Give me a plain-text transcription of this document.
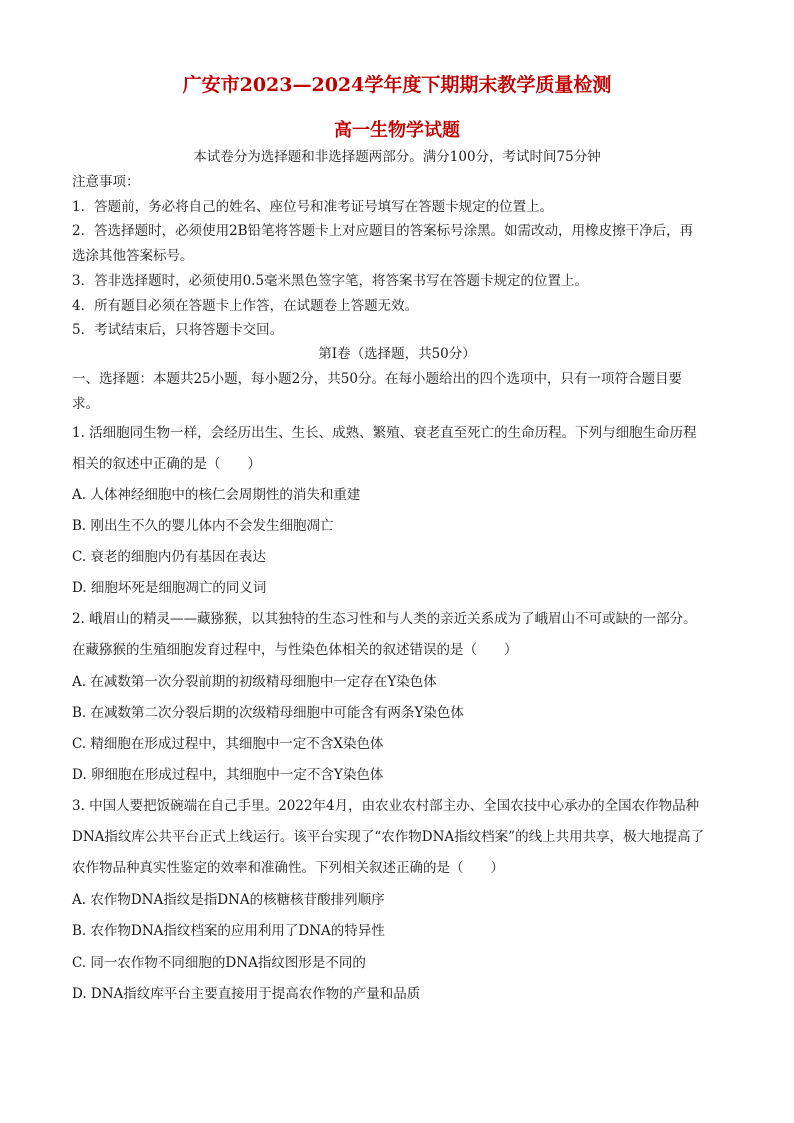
广安市2023—2024学年度下期期末教学质量检测
高一生物学试题
本试卷分为选择题和非选择题两部分。满分100分，考试时间75分钟
注意事项：
1．答题前，务必将自己的姓名、座位号和准考证号填写在答题卡规定的位置上。
2．答选择题时，必须使用2B铅笔将答题卡上对应题目的答案标号涂黑。如需改动，用橡皮擦干净后，再
选涂其他答案标号。
3．答非选择题时，必须使用0.5毫米黑色签字笔，将答案书写在答题卡规定的位置上。
4．所有题目必须在答题卡上作答，在试题卷上答题无效。
5．考试结束后，只将答题卡交回。
第Ⅰ卷（选择题，共50分）
一、选择题：本题共25小题，每小题2分，共50分。在每小题给出的四个选项中，只有一项符合题目要
求。
1. 活细胞同生物一样，会经历出生、生长、成熟、繁殖、衰老直至死亡的生命历程。下列与细胞生命历程
相关的叙述中正确的是（　　）
A. 人体神经细胞中的核仁会周期性的消失和重建
B. 刚出生不久的婴儿体内不会发生细胞凋亡
C. 衰老的细胞内仍有基因在表达
D. 细胞坏死是细胞凋亡的同义词
2. 峨眉山的精灵——藏猕猴，以其独特的生态习性和与人类的亲近关系成为了峨眉山不可或缺的一部分。
在藏猕猴的生殖细胞发育过程中，与性染色体相关的叙述错误的是（　　）
A. 在减数第一次分裂前期的初级精母细胞中一定存在Y染色体
B. 在减数第二次分裂后期的次级精母细胞中可能含有两条Y染色体
C. 精细胞在形成过程中，其细胞中一定不含X染色体
D. 卵细胞在形成过程中，其细胞中一定不含Y染色体
3. 中国人要把饭碗端在自己手里。2022年4月，由农业农村部主办、全国农技中心承办的全国农作物品种
DNA指纹库公共平台正式上线运行。该平台实现了“农作物DNA指纹档案”的线上共用共享，极大地提高了
农作物品种真实性鉴定的效率和准确性。下列相关叙述正确的是（　　）
A. 农作物DNA指纹是指DNA的核糖核苷酸排列顺序
B. 农作物DNA指纹档案的应用利用了DNA的特异性
C. 同一农作物不同细胞的DNA指纹图形是不同的
D. DNA指纹库平台主要直接用于提高农作物的产量和品质
